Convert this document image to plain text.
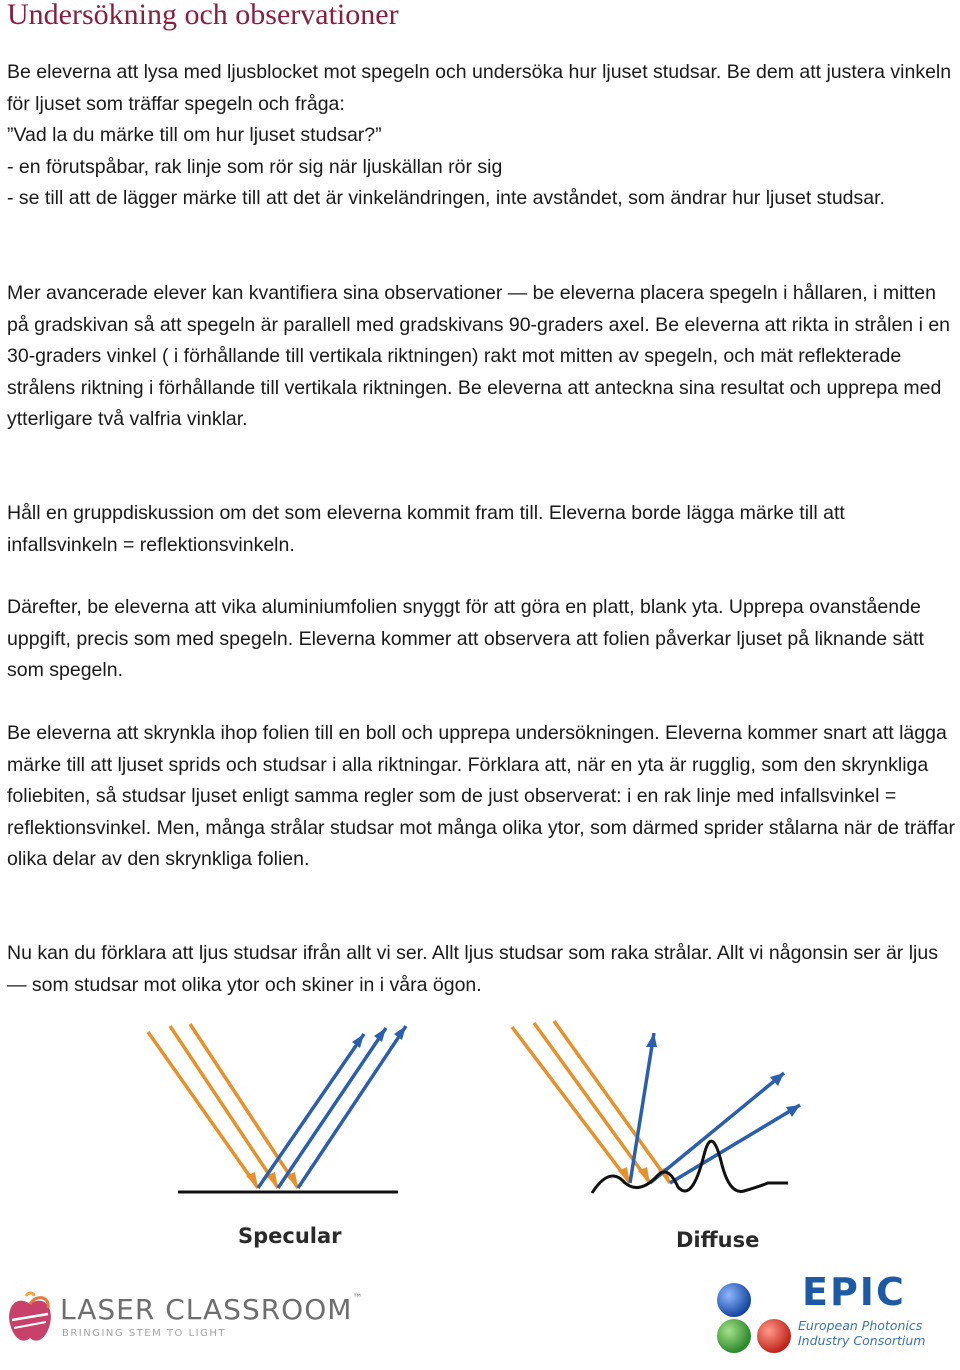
Undersökning och observationer

Be eleverna att lysa med ljusblocket mot spegeln och undersöka hur ljuset studsar. Be dem att justera vinkeln för ljuset som träffar spegeln och fråga:

”Vad la du märke till om hur ljuset studsar?”

- en förutspåbar, rak linje som rör sig när ljuskällan rör sig

- se till att de lägger märke till att det är vinkeländringen, inte avståndet, som ändrar hur ljuset studsar.

Mer avancerade elever kan kvantifiera sina observationer — be eleverna placera spegeln i hållaren, i mitten på gradskivan så att spegeln är parallell med gradskivans 90-graders axel. Be eleverna att rikta in strålen i en 30-graders vinkel ( i förhållande till vertikala riktningen) rakt mot mitten av spegeln, och mät reflekterade strålens riktning i förhållande till vertikala riktningen. Be eleverna att anteckna sina resultat och upprepa med ytterligare två valfria vinklar.
Håll en gruppdiskussion om det som eleverna kommit fram till. Eleverna borde lägga märke till att infallsvinkeln = reflektionsvinkeln.
Därefter, be eleverna att vika aluminiumfolien snyggt för att göra en platt, blank yta. Upprepa ovanstående uppgift, precis som med spegeln. Eleverna kommer att observera att folien påverkar ljuset på liknande sätt som spegeln.
Be eleverna att skrynkla ihop folien till en boll och upprepa undersökningen. Eleverna kommer snart att lägga märke till att ljuset sprids och studsar i alla riktningar. Förklara att, när en yta är rugglig, som den skrynkliga foliebiten, så studsar ljuset enligt samma regler som de just observerat: i en rak linje med infallsvinkel = reflektionsvinkel. Men, många strålar studsar mot många olika ytor, som därmed sprider stålarna när de träffar olika delar av den skrynkliga folien.
Nu kan du förklara att ljus studsar ifrån allt vi ser. Allt ljus studsar som raka strålar. Allt vi någonsin ser är ljus — som studsar mot olika ytor och skiner in i våra ögon.
Specular	Diffuse
LASER CLASSROOM™
BRINGING STEM TO LIGHT
EPIC
European Photonics
Industry Consortium
